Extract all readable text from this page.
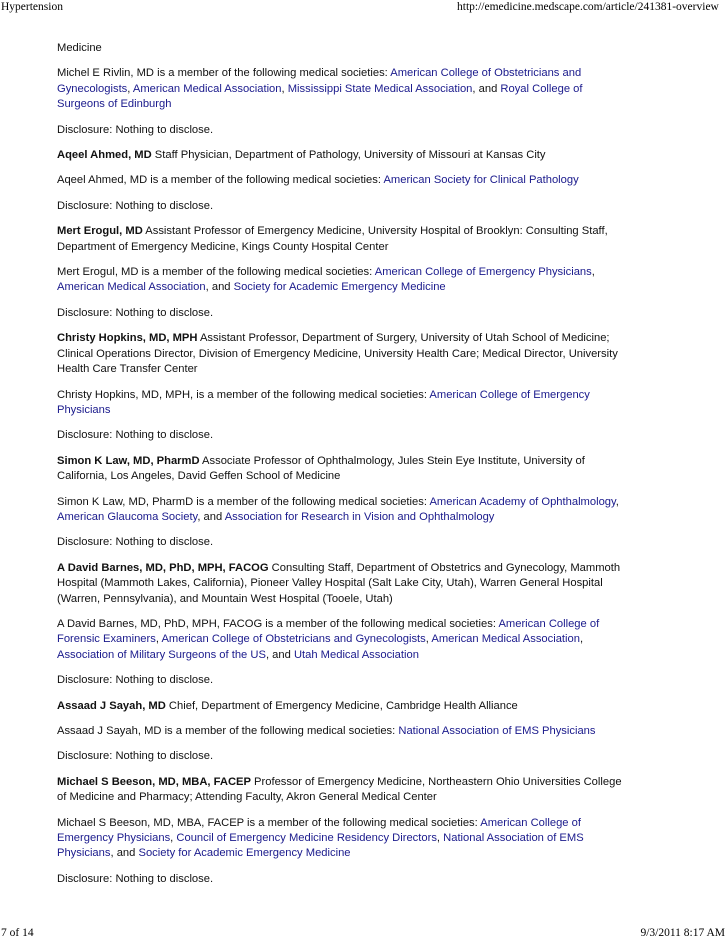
Hypertension	http://emedicine.medscape.com/article/241381-overview

Medicine

Michel E Rivlin, MD is a member of the following medical societies: American College of Obstetricians and Gynecologists, American Medical Association, Mississippi State Medical Association, and Royal College of Surgeons of Edinburgh

Disclosure: Nothing to disclose.

Aqeel Ahmed, MD Staff Physician, Department of Pathology, University of Missouri at Kansas City

Aqeel Ahmed, MD is a member of the following medical societies: American Society for Clinical Pathology

Disclosure: Nothing to disclose.

Mert Erogul, MD Assistant Professor of Emergency Medicine, University Hospital of Brooklyn: Consulting Staff, Department of Emergency Medicine, Kings County Hospital Center

Mert Erogul, MD is a member of the following medical societies: American College of Emergency Physicians, American Medical Association, and Society for Academic Emergency Medicine

Disclosure: Nothing to disclose.

Christy Hopkins, MD, MPH Assistant Professor, Department of Surgery, University of Utah School of Medicine; Clinical Operations Director, Division of Emergency Medicine, University Health Care; Medical Director, University Health Care Transfer Center

Christy Hopkins, MD, MPH, is a member of the following medical societies: American College of Emergency Physicians

Disclosure: Nothing to disclose.

Simon K Law, MD, PharmD Associate Professor of Ophthalmology, Jules Stein Eye Institute, University of California, Los Angeles, David Geffen School of Medicine

Simon K Law, MD, PharmD is a member of the following medical societies: American Academy of Ophthalmology, American Glaucoma Society, and Association for Research in Vision and Ophthalmology

Disclosure: Nothing to disclose.

A David Barnes, MD, PhD, MPH, FACOG Consulting Staff, Department of Obstetrics and Gynecology, Mammoth Hospital (Mammoth Lakes, California), Pioneer Valley Hospital (Salt Lake City, Utah), Warren General Hospital (Warren, Pennsylvania), and Mountain West Hospital (Tooele, Utah)

A David Barnes, MD, PhD, MPH, FACOG is a member of the following medical societies: American College of Forensic Examiners, American College of Obstetricians and Gynecologists, American Medical Association, Association of Military Surgeons of the US, and Utah Medical Association

Disclosure: Nothing to disclose.

Assaad J Sayah, MD Chief, Department of Emergency Medicine, Cambridge Health Alliance

Assaad J Sayah, MD is a member of the following medical societies: National Association of EMS Physicians

Disclosure: Nothing to disclose.

Michael S Beeson, MD, MBA, FACEP Professor of Emergency Medicine, Northeastern Ohio Universities College of Medicine and Pharmacy; Attending Faculty, Akron General Medical Center

Michael S Beeson, MD, MBA, FACEP is a member of the following medical societies: American College of Emergency Physicians, Council of Emergency Medicine Residency Directors, National Association of EMS Physicians, and Society for Academic Emergency Medicine

Disclosure: Nothing to disclose.

7 of 14	9/3/2011 8:17 AM
